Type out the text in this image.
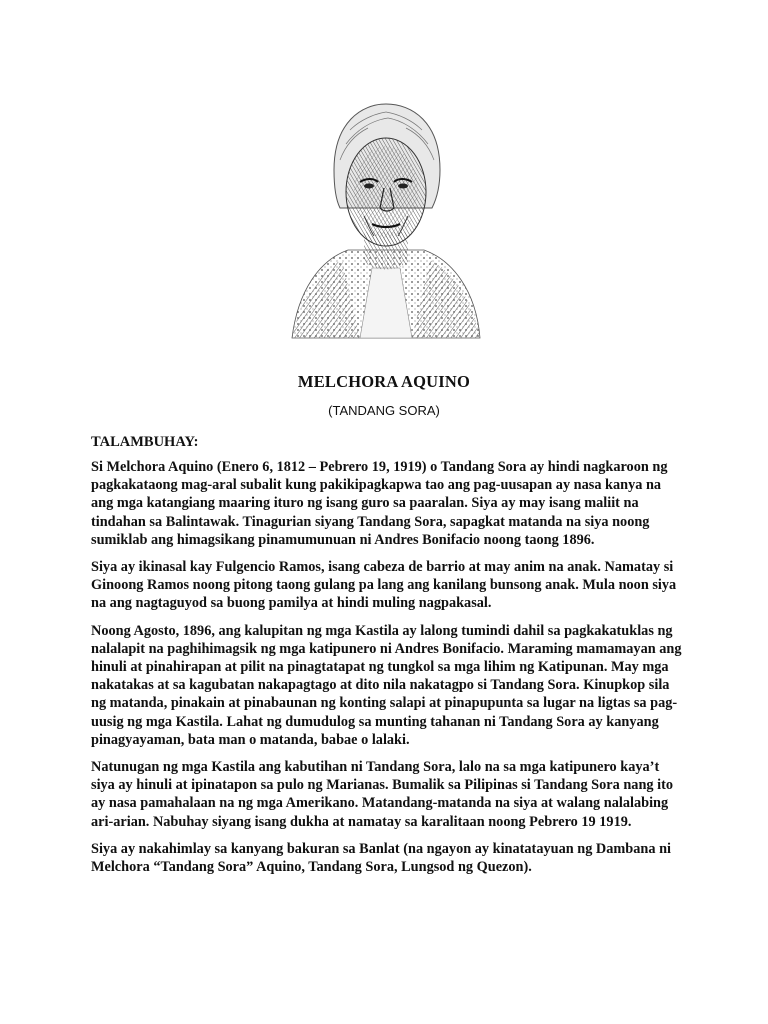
MELCHORA AQUINO
(TANDANG SORA)
TALAMBUHAY:

Si Melchora Aquino (Enero 6, 1812 – Pebrero 19, 1919) o Tandang Sora ay hindi nagkaroon ng pagkakataong mag-aral subalit kung pakikipagkapwa tao ang pag-uusapan ay nasa kanya na ang mga katangiang maaring ituro ng isang guro sa paaralan. Siya ay may isang maliit na tindahan sa Balintawak. Tinagurian siyang Tandang Sora, sapagkat matanda na siya noong sumiklab ang himagsikang pinamumunuan ni Andres Bonifacio noong taong 1896.

Siya ay ikinasal kay Fulgencio Ramos, isang cabeza de barrio at may anim na anak. Namatay si Ginoong Ramos noong pitong taong gulang pa lang ang kanilang bunsong anak. Mula noon siya na ang nagtaguyod sa buong pamilya at hindi muling nagpakasal.

Noong Agosto, 1896, ang kalupitan ng mga Kastila ay lalong tumindi dahil sa pagkakatuklas ng nalalapit na paghihimagsik ng mga katipunero ni Andres Bonifacio. Maraming mamamayan ang hinuli at pinahirapan at pilit na pinagtatapat ng tungkol sa mga lihim ng Katipunan. May mga nakatakas at sa kagubatan nakapagtago at dito nila nakatagpo si Tandang Sora. Kinupkop sila ng matanda, pinakain at pinabaunan ng konting salapi at pinapupunta sa lugar na ligtas sa pag-uusig ng mga Kastila. Lahat ng dumudulog sa munting tahanan ni Tandang Sora ay kanyang pinagyayaman, bata man o matanda, babae o lalaki.

Natunugan ng mga Kastila ang kabutihan ni Tandang Sora, lalo na sa mga katipunero kaya’t siya ay hinuli at ipinatapon sa pulo ng Marianas. Bumalik sa Pilipinas si Tandang Sora nang ito ay nasa pamahalaan na ng mga Amerikano. Matandang-matanda na siya at walang nalalabing ari-arian. Nabuhay siyang isang dukha at namatay sa karalitaan noong Pebrero 19 1919.

Siya ay nakahimlay sa kanyang bakuran sa Banlat (na ngayon ay kinatatayuan ng Dambana ni Melchora “Tandang Sora” Aquino, Tandang Sora, Lungsod ng Quezon).
